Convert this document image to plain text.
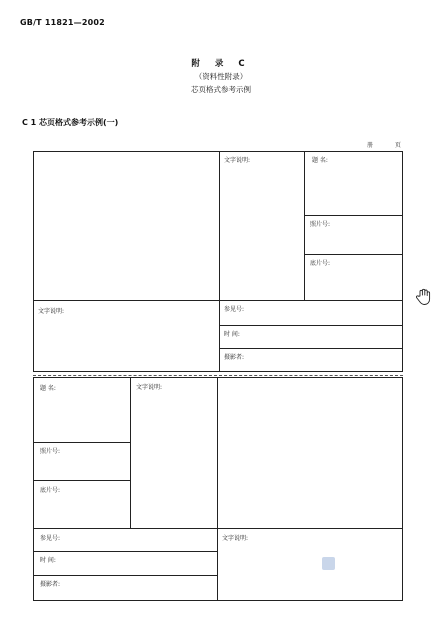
GB/T 11821—2002
附 录 C
（资料性附录）
芯页格式参考示例
C 1 芯页格式参考示例(一)
册 页
文字说明:	题 名:
照片号:
底片号:
文字说明:	参见号:
时 间:
摄影者:
题 名:	文字说明:
照片号:
底片号:
参见号:
时 间:
摄影者:
文字说明:
